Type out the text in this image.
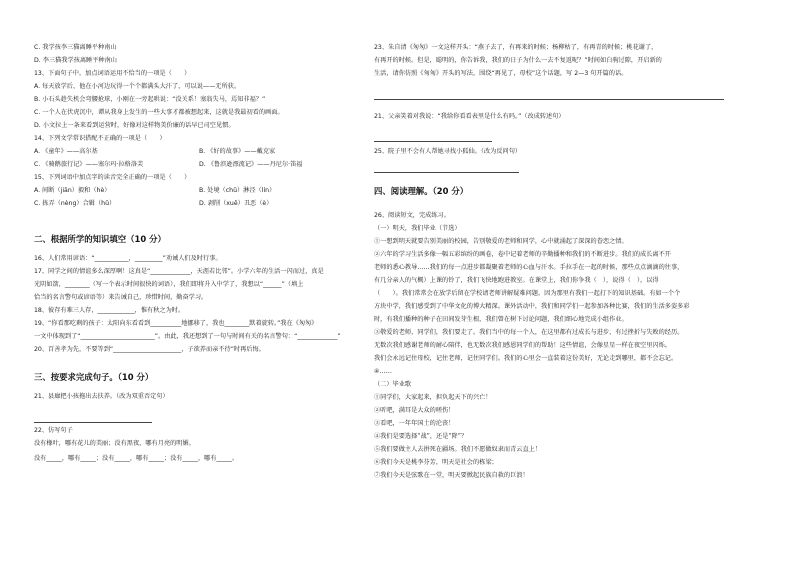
C. 我学孩李三猫离睡平种南山
D. 李三猫我学孩离睡平种南山
13、下面句子中，加点词语运用不恰当的一项是（　　）
A. 每天放学后，他在小河边玩得一个个都满头大汗了，可以说——无所获。
B. 小石头趁失机会弯腰抢球，小刚在一旁起哄说：“没关系！塞翁失马，焉知非福？”
C. 一个人在伏虎沉中，谭从我身上发生的一些大事才都被想起来，这就是我最初看的画面。
D. 小文拉上一条来看到运营时，好像对这样物美价廉的话早已司空见惯。
14、下列文学常识搭配不正确的一项是（　　）
A. 《童年》——高尔基	B. 《好的故事》——戴克家
C. 《骑鹅旅行记》——塞尔玛·拉格洛芙	D. 《鲁滨逊漂流记》——丹尼尔·笛福
15、下列词语中加点字的读音完全正确的一项是（　　）
A. 间断（jiān）毅和（hè）	B. 处境（chǔ）淋泾（lín）
C. 拣弄（nèng）合辑（hǔ）	D. 剥削（xuē）丑恶（è）
二、根据所学的知识填空（10 分）
16、人们常用谚语：“___________，_________”劝诫人们及时行事。
17、同学之间的情谊多么深厚啊！这真是“_____________，天涯若比邻”。小学六年的生活一闪而过，真是
光阴如箭，________（写一个表示时间很快的词语），我们即将升入中学了，我想以“______”（填上
恰当的名言警句或谚语等）来告诫自己，珍惜时间，勤奋学习。
18、彼存有难三人存，____________，惟有秋之为时。
19、“你看那吃剩的孩子：太阳向东看看到__________地挪移了，我也________默着旋转。”我在《匆匆》
一文中体现到了“________________________”。由此，我还想到了一句与时间有关的名言警句：“_____________”
20、百善孝为先，不要等到“______________________，子欲养而亲不待”时再后悔。
三、按要求完成句子。（10 分）
21、县廊把小孩拖出去扶养。（改为双重否定句）
22、仿写句子
没有橡叶，哪有花儿的美丽；没有黑夜，哪有月亮的明媚。
没有_____，哪有_____；没有_____，哪有_____；没有_____，哪有_____。
23、朱自清《匆匆》一文这样开头：“燕子去了，有再来的时候；杨柳枯了，有再青的时候；桃花谢了，
有再开的时候。但是，聪明的，你告诉我，我们的日子为什么一去不复返呢？”时间如白驹过隙，开启新的
生活，请你仿照《匆匆》开头的写法，围绕“再见了，母校”这个话题，写 2—3 句开篇的话。
21、父亲笑着对我说：“我给你看看表里是什么有吗。”（改成转述句）
25、院子里不会有人帮她寻找小狐仙。（改为反问句）
四、阅读理解。（20 分）
26、阅读短文，完成练习。
（一）明天，我们毕业（节选）
①一想到明天就要告别美丽的校园，告别敬爱的老师和同学，心中就涌起了深深的眷恋之情。
②六年的学习生活多像一幅五彩缤纷的画卷，卷中记着老师的辛勤播种和我们的不断进步。我们的成长离不开
老师的悉心教导……我们的每一点进步都凝聚着老师的心血与汗水。手拉手在一起的时候，那些点点滴滴的往事，
有几分亲人的气概）上课的铃了，我们飞快地跑进教室。在课堂上，我们你争我（　），说得（　），以得
（　　）。我们常常会在放学后留在学校请老师讲解疑难问题。因为那里有我们一起打下的知识基础。有如一个个
方块中学，我们感受到了中华文化的博大精深。课外活动中，我们和同学们一起参加各种比赛，我们的生活多姿多彩
时，有我们播种的种子在田间发芽生根，我们曾在树下讨论问题，我们细心地完成小组作业。
③敬爱的老师，同学们，我们要走了。我们当中的每一个人，在这里都有过成长与进步，有过挫折与失败的经历。
无数次我们感谢老师的耐心陪伴，也无数次我们感恩同学们的帮助！这些情谊，会像星星一样在夜空里闪烁。
我们会永远记住母校，记住老师，记住同学们。我们的心里会一直装着这份美好，无论走到哪里，都不会忘记。
④……
（二）毕业歌
①同学们，大家起来，担负起天下的兴亡！
②听吧，满耳是大众的嗟伤！
③看吧，一年年国土的沦丧！
④我们是要选择“战”，还是“降”？
⑤我们要做主人去拼死在疆场。我们不愿做奴隶而青云直上！
⑥我们今天是桃李芬芳，明天是社会的栋梁；
⑦我们今天是弦歌在一堂，明天要掀起民族自救的巨浪！
